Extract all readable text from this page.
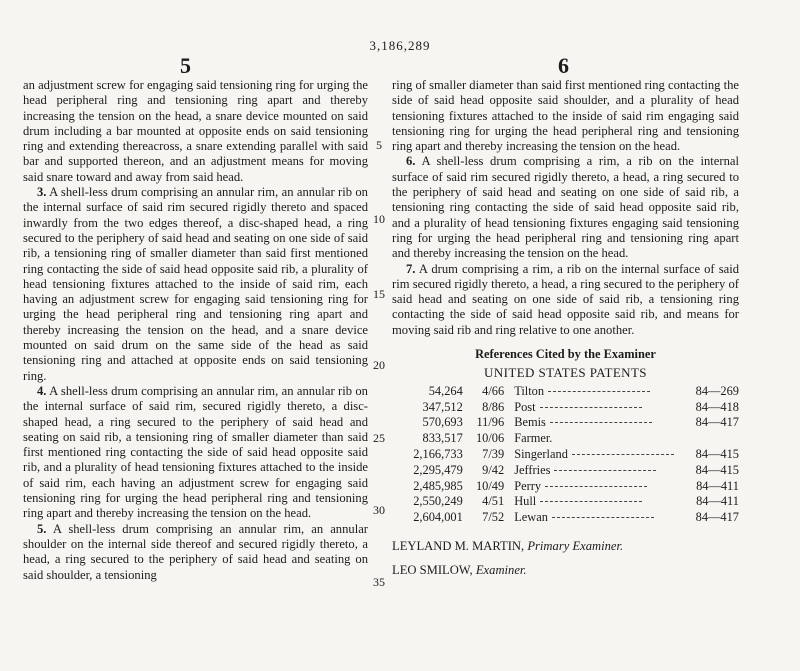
3,186,289
5	6
5
10
15
20
25
30
35

an adjustment screw for engaging said tensioning ring for urging the head peripheral ring and tensioning ring apart and thereby increasing the tension on the head, a snare device mounted on said drum including a bar mounted at opposite ends on said tensioning ring and extending thereacross, a snare extending parallel with said bar and supported thereon, and an adjustment means for moving said snare toward and away from said head.

3. A shell-less drum comprising an annular rim, an annular rib on the internal surface of said rim secured rigidly thereto and spaced inwardly from the two edges thereof, a disc-shaped head, a ring secured to the periphery of said head and seating on one side of said rib, a tensioning ring of smaller diameter than said first mentioned ring contacting the side of said head opposite said rib, a plurality of head tensioning fixtures attached to the inside of said rim, each having an adjustment screw for engaging said tensioning ring for urging the head peripheral ring and tensioning ring apart and thereby increasing the tension on the head, and a snare device mounted on said drum on the same side of the head as said tensioning ring and attached at opposite ends on said tensioning ring.

4. A shell-less drum comprising an annular rim, an annular rib on the internal surface of said rim, secured rigidly thereto, a disc-shaped head, a ring secured to the periphery of said head and seating on said rib, a tensioning ring of smaller diameter than said first mentioned ring contacting the side of said head opposite said rib, and a plurality of head tensioning fixtures attached to the inside of said rim, each having an adjustment screw for engaging said tensioning ring for urging the head peripheral ring and tensioning ring apart and thereby increasing the tension on the head.

5. A shell-less drum comprising an annular rim, an annular shoulder on the internal side thereof and secured rigidly thereto, a head, a ring secured to the periphery of said head and seating on said shoulder, a tensioning

ring of smaller diameter than said first mentioned ring contacting the side of said head opposite said shoulder, and a plurality of head tensioning fixtures attached to the inside of said rim engaging said tensioning ring for urging the head peripheral ring and tensioning ring apart and thereby increasing the tension on the head.

6. A shell-less drum comprising a rim, a rib on the internal surface of said rim secured rigidly thereto, a head, a ring secured to the periphery of said head and seating on one side of said rib, a tensioning ring contacting the side of said head opposite said rib, and a plurality of head tensioning fixtures engaging said tensioning ring for urging the head peripheral ring and tensioning ring apart and thereby increasing the tension on the head.

7. A drum comprising a rim, a rib on the internal surface of said rim secured rigidly thereto, a head, a ring secured to the periphery of said head and seating on one side of said rib, a tensioning ring contacting the side of said head opposite said rib, and means for moving said rib and ring relative to one another.

References Cited by the Examiner
UNITED STATES PATENTS
54,264	4/66	Tilton	84—269
347,512	8/86	Post	84—418
570,693	11/96	Bemis	84—417
833,517	10/06	Farmer.	
2,166,733	7/39	Singerland	84—415
2,295,479	9/42	Jeffries	84—415
2,485,985	10/49	Perry	84—411
2,550,249	4/51	Hull	84—411
2,604,001	7/52	Lewan	84—417
LEYLAND M. MARTIN, Primary Examiner.
LEO SMILOW, Examiner.
